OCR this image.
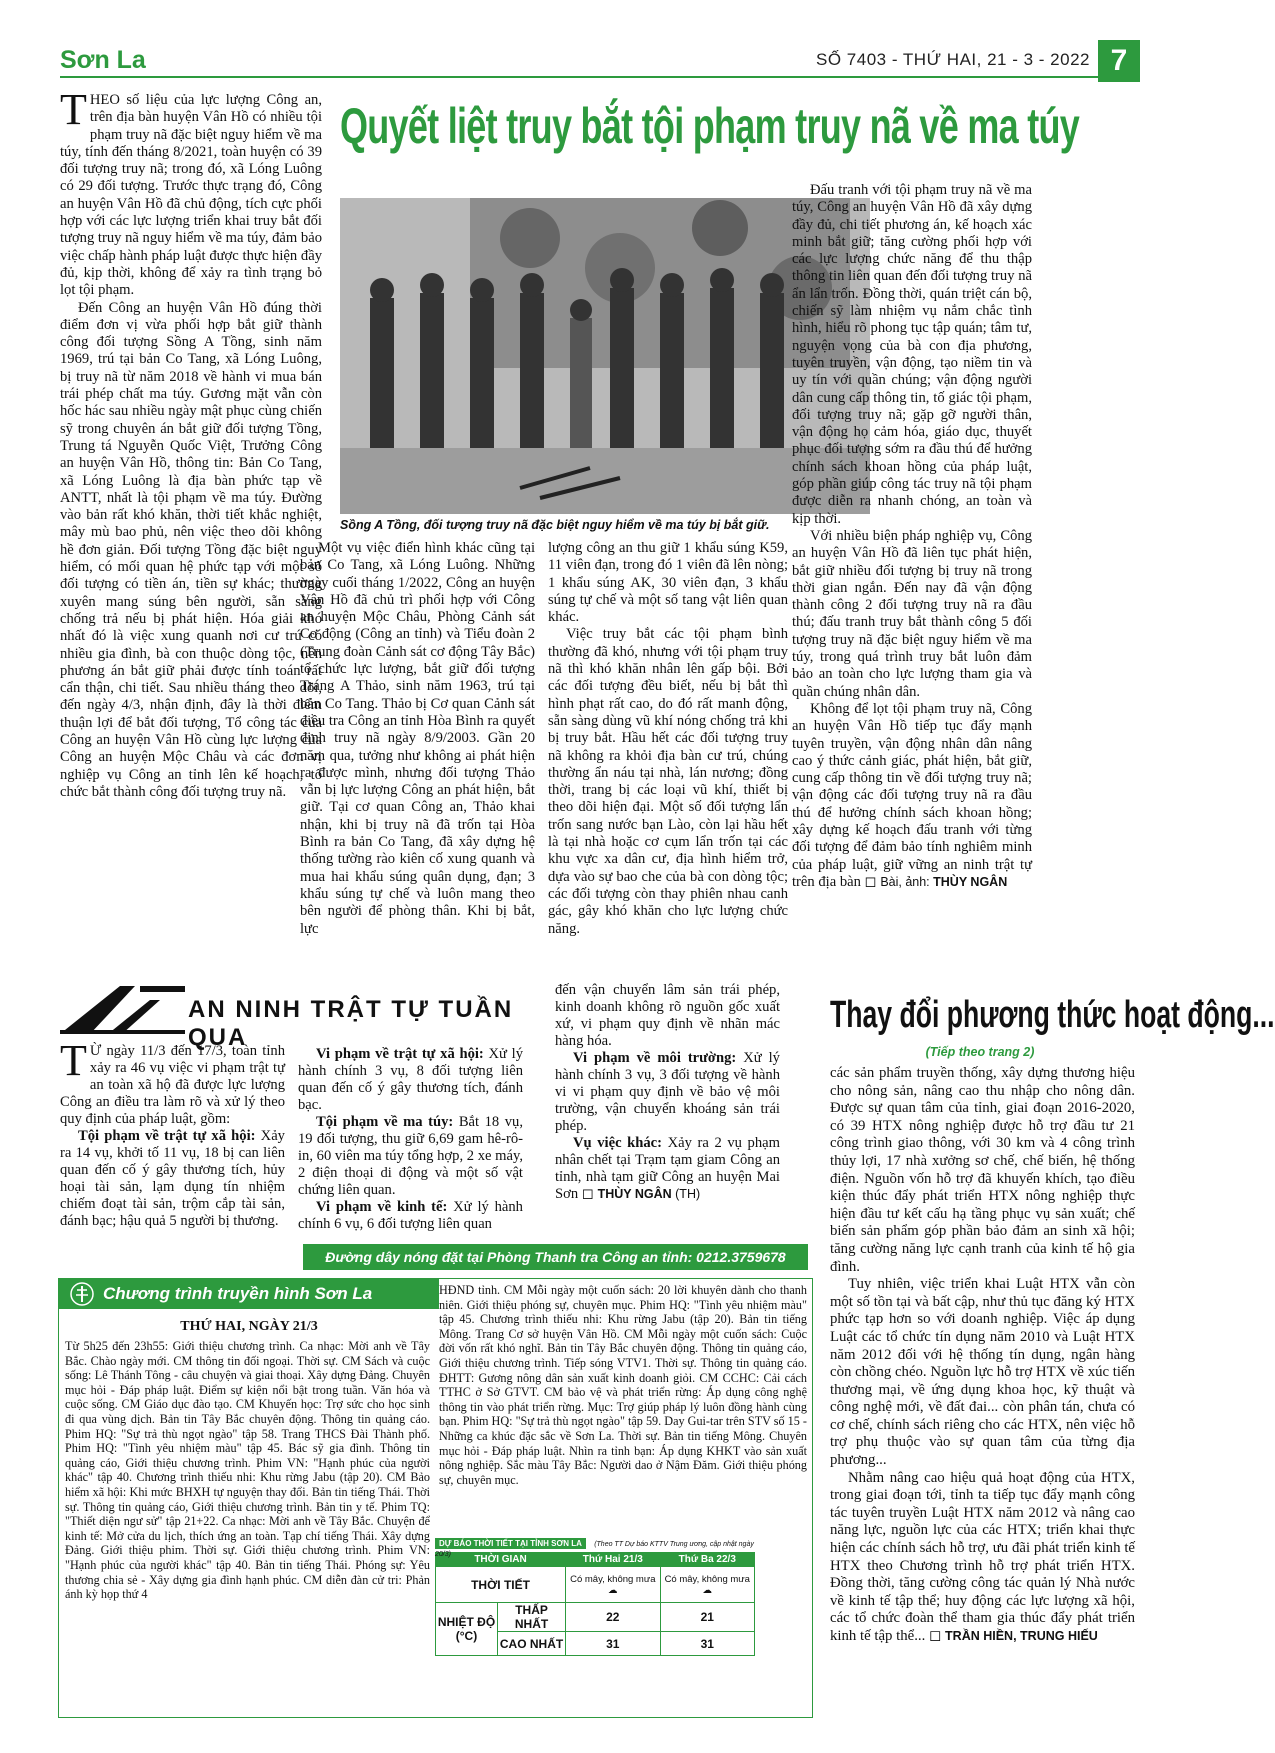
Sơn La	SỐ 7403 - THỨ HAI, 21 - 3 - 2022 7
Quyết liệt truy bắt tội phạm truy nã về ma túy

THEO số liệu của lực lượng Công an, trên địa bàn huyện Vân Hồ có nhiều tội phạm truy nã đặc biệt nguy hiểm về ma túy, tính đến tháng 8/2021, toàn huyện có 39 đối tượng truy nã; trong đó, xã Lóng Luông có 29 đối tượng. Trước thực trạng đó, Công an huyện Vân Hồ đã chủ động, tích cực phối hợp với các lực lượng triển khai truy bắt đối tượng truy nã nguy hiểm về ma túy, đảm bảo việc chấp hành pháp luật được thực hiện đầy đủ, kịp thời, không để xảy ra tình trạng bỏ lọt tội phạm.

Đến Công an huyện Vân Hồ đúng thời điểm đơn vị vừa phối hợp bắt giữ thành công đối tượng Sồng A Tồng, sinh năm 1969, trú tại bản Co Tang, xã Lóng Luông, bị truy nã từ năm 2018 về hành vi mua bán trái phép chất ma túy. Gương mặt vẫn còn hốc hác sau nhiều ngày mật phục cùng chiến sỹ trong chuyên án bắt giữ đối tượng Tồng, Trung tá Nguyễn Quốc Việt, Trưởng Công an huyện Vân Hồ, thông tin: Bản Co Tang, xã Lóng Luông là địa bàn phức tạp về ANTT, nhất là tội phạm về ma túy. Đường vào bản rất khó khăn, thời tiết khắc nghiệt, mây mù bao phủ, nên việc theo dõi không hề đơn giản. Đối tượng Tồng đặc biệt nguy hiểm, có mối quan hệ phức tạp với một số đối tượng có tiền án, tiền sự khác; thường xuyên mang súng bên người, sẵn sàng chống trả nếu bị phát hiện. Hóa giải khó nhất đó là việc xung quanh nơi cư trú có nhiều gia đình, bà con thuộc dòng tộc, nên phương án bắt giữ phải được tính toán rất cẩn thận, chi tiết. Sau nhiều tháng theo dõi, đến ngày 4/3, nhận định, đây là thời điểm thuận lợi để bắt đối tượng, Tổ công tác của Công an huyện Vân Hồ cùng lực lượng của Công an huyện Mộc Châu và các đơn vị nghiệp vụ Công an tỉnh lên kế hoạch, tổ chức bắt thành công đối tượng truy nã.

Sồng A Tồng, đối tượng truy nã đặc biệt nguy hiểm về ma túy bị bắt giữ.

Một vụ việc điển hình khác cũng tại bản Co Tang, xã Lóng Luông. Những ngày cuối tháng 1/2022, Công an huyện Vân Hồ đã chủ trì phối hợp với Công an huyện Mộc Châu, Phòng Cảnh sát Cơ động (Công an tỉnh) và Tiểu đoàn 2 (Trung đoàn Cảnh sát cơ động Tây Bắc) tổ chức lực lượng, bắt giữ đối tượng Tráng A Thảo, sinh năm 1963, trú tại bản Co Tang. Thảo bị Cơ quan Cảnh sát điều tra Công an tỉnh Hòa Bình ra quyết định truy nã ngày 8/9/2003. Gần 20 năm qua, tưởng như không ai phát hiện ra được mình, nhưng đối tượng Thảo vẫn bị lực lượng Công an phát hiện, bắt giữ. Tại cơ quan Công an, Thảo khai nhận, khi bị truy nã đã trốn tại Hòa Bình ra bản Co Tang, đã xây dựng hệ thống tường rào kiên cố xung quanh và mua hai khẩu súng quân dụng, đạn; 3 khẩu súng tự chế và luôn mang theo bên người để phòng thân. Khi bị bắt, lực

lượng công an thu giữ 1 khẩu súng K59, 11 viên đạn, trong đó 1 viên đã lên nòng; 1 khẩu súng AK, 30 viên đạn, 3 khẩu súng tự chế và một số tang vật liên quan khác.

Việc truy bắt các tội phạm bình thường đã khó, nhưng với tội phạm truy nã thì khó khăn nhân lên gấp bội. Bởi các đối tượng đều biết, nếu bị bắt thì hình phạt rất cao, do đó rất manh động, sẵn sàng dùng vũ khí nóng chống trả khi bị truy bắt. Hầu hết các đối tượng truy nã không ra khỏi địa bàn cư trú, chúng thường ẩn náu tại nhà, lán nương; đồng thời, trang bị các loại vũ khí, thiết bị theo dõi hiện đại. Một số đối tượng lẩn trốn sang nước bạn Lào, còn lại hầu hết là tại nhà hoặc cơ cụm lẩn trốn tại các khu vực xa dân cư, địa hình hiểm trở, dựa vào sự bao che của bà con dòng tộc; các đối tượng còn thay phiên nhau canh gác, gây khó khăn cho lực lượng chức năng.

Đấu tranh với tội phạm truy nã về ma túy, Công an huyện Vân Hồ đã xây dựng đầy đủ, chi tiết phương án, kế hoạch xác minh bắt giữ; tăng cường phối hợp với các lực lượng chức năng để thu thập thông tin liên quan đến đối tượng truy nã ẩn lẩn trốn. Đồng thời, quán triệt cán bộ, chiến sỹ làm nhiệm vụ nắm chắc tình hình, hiểu rõ phong tục tập quán; tâm tư, nguyện vọng của bà con địa phương, tuyên truyền, vận động, tạo niềm tin và uy tín với quần chúng; vận động người dân cung cấp thông tin, tố giác tội phạm, đối tượng truy nã; gặp gỡ người thân, vận động họ cảm hóa, giáo dục, thuyết phục đối tượng sớm ra đầu thú để hưởng chính sách khoan hồng của pháp luật, góp phần giúp công tác truy nã tội phạm được diễn ra nhanh chóng, an toàn và kịp thời.

Với nhiều biện pháp nghiệp vụ, Công an huyện Vân Hồ đã liên tục phát hiện, bắt giữ nhiều đối tượng bị truy nã trong thời gian ngắn. Đến nay đã vận động thành công 2 đối tượng truy nã ra đầu thú; đấu tranh truy bắt thành công 5 đối tượng truy nã đặc biệt nguy hiểm về ma túy, trong quá trình truy bắt luôn đảm bảo an toàn cho lực lượng tham gia và quần chúng nhân dân.

Không để lọt tội phạm truy nã, Công an huyện Vân Hồ tiếp tục đẩy mạnh tuyên truyền, vận động nhân dân nâng cao ý thức cảnh giác, phát hiện, bắt giữ, cung cấp thông tin về đối tượng truy nã; vận động các đối tượng truy nã ra đầu thú để hưởng chính sách khoan hồng; xây dựng kế hoạch đấu tranh với từng đối tượng để đảm bảo tính nghiêm minh của pháp luật, giữ vững an ninh trật tự trên địa bàn ◻ Bài, ảnh: THÙY NGÂN

AN NINH TRẬT TỰ TUẦN QUA

T Ừ ngày 11/3 đến 17/3, toàn tỉnh xảy ra 46 vụ việc vi phạm trật tự an toàn xã hộ đã được lực lượng Công an điều tra làm rõ và xử lý theo quy định của pháp luật, gồm:

Tội phạm về trật tự xã hội: Xảy ra 14 vụ, khởi tố 11 vụ, 18 bị can liên quan đến cố ý gây thương tích, hủy hoại tài sản, lạm dụng tín nhiệm chiếm đoạt tài sản, trộm cắp tài sản, đánh bạc; hậu quả 5 người bị thương.

Vi phạm về trật tự xã hội: Xử lý hành chính 3 vụ, 8 đối tượng liên quan đến cố ý gây thương tích, đánh bạc.

Tội phạm về ma túy: Bắt 18 vụ, 19 đối tượng, thu giữ 6,69 gam hê-rô-in, 60 viên ma túy tổng hợp, 2 xe máy, 2 điện thoại di động và một số vật chứng liên quan.

Vi phạm về kinh tế: Xử lý hành chính 6 vụ, 6 đối tượng liên quan

đến vận chuyển lâm sản trái phép, kinh doanh không rõ nguồn gốc xuất xứ, vi phạm quy định về nhãn mác hàng hóa.

Vi phạm về môi trường: Xử lý hành chính 3 vụ, 3 đối tượng về hành vi vi phạm quy định về bảo vệ môi trường, vận chuyển khoáng sản trái phép.

Vụ việc khác: Xảy ra 2 vụ phạm nhân chết tại Trạm tạm giam Công an tỉnh, nhà tạm giữ Công an huyện Mai Sơn ◻ THÙY NGÂN (TH)

Đường dây nóng đặt tại Phòng Thanh tra Công an tỉnh: 0212.3759678
Chương trình truyền hình Sơn La
THỨ HAI, NGÀY 21/3
Từ 5h25 đến 23h55: Giới thiệu chương trình. Ca nhạc: Mời anh về Tây Bắc. Chào ngày mới. CM thông tin đối ngoại. Thời sự. CM Sách và cuộc sống: Lê Thánh Tông - câu chuyện và giai thoại. Xây dựng Đảng. Chuyên mục hỏi - Đáp pháp luật. Điểm sự kiện nổi bật trong tuần. Văn hóa và cuộc sống. CM Giáo dục đào tạo. CM Khuyến học: Trợ sức cho học sinh đi qua vùng dịch. Bản tin Tây Bắc chuyên động. Thông tin quảng cáo. Phim HQ: "Sự trả thù ngọt ngào" tập 58. Trang THCS Đài Thành phố. Phim HQ: "Tình yêu nhiệm màu" tập 45. Bác sỹ gia đình. Thông tin quảng cáo, Giới thiệu chương trình. Phim VN: "Hạnh phúc của người khác" tập 40. Chương trình thiếu nhi: Khu rừng Jabu (tập 20). CM Bảo hiểm xã hội: Khi mức BHXH tự nguyện thay đổi. Bản tin tiếng Thái. Thời sự. Thông tin quảng cáo, Giới thiệu chương trình. Bản tin y tế. Phim TQ: "Thiết diện ngư sử" tập 21+22. Ca nhạc: Mời anh về Tây Bắc. Chuyện để kinh tế: Mở cửa du lịch, thích ứng an toàn. Tạp chí tiếng Thái. Xây dựng Đảng. Giới thiệu phim. Thời sự. Giới thiệu chương trình. Phim VN: "Hạnh phúc của người khác" tập 40. Bản tin tiếng Thái. Phóng sự: Yêu thương chia sẻ - Xây dựng gia đình hạnh phúc. CM diễn đàn cử tri: Phản ánh kỳ họp thứ 4
HĐND tỉnh. CM Mỗi ngày một cuốn sách: 20 lời khuyên dành cho thanh niên. Giới thiệu phóng sự, chuyên mục. Phim HQ: "Tình yêu nhiệm màu" tập 45. Chương trình thiếu nhi: Khu rừng Jabu (tập 20). Bản tin tiếng Mông. Trang Cơ sở huyện Vân Hồ. CM Mỗi ngày một cuốn sách: Cuộc đời vốn rất khó nghĩ. Bản tin Tây Bắc chuyên động. Thông tin quảng cáo, Giới thiệu chương trình. Tiếp sóng VTV1. Thời sự. Thông tin quảng cáo. ĐHTT: Gương nông dân sản xuất kinh doanh giỏi. CM CCHC: Cải cách TTHC ở Sở GTVT. CM bảo vệ và phát triển rừng: Áp dụng công nghệ thông tin vào phát triển rừng. Mục: Trợ giúp pháp lý luôn đồng hành cùng bạn. Phim HQ: "Sự trả thù ngọt ngào" tập 59. Day Gui-tar trên STV số 15 - Những ca khúc đặc sắc về Sơn La. Thời sự. Bản tin tiếng Mông. Chuyên mục hỏi - Đáp pháp luật. Nhìn ra tỉnh bạn: Áp dụng KHKT vào sản xuất nông nghiệp. Sắc màu Tây Bắc: Người dao ở Nậm Đăm. Giới thiệu phóng sự, chuyên mục.
DỰ BÁO THỜI TIẾT TẠI TỈNH SƠN LA (Theo TT Dự báo KTTV Trung ương, cập nhật ngày 20/3)	THỜI GIAN		Thứ Hai 21/3	Thứ Ba 22/3
THỜI TIẾT		Có mây, không mưa ☁	Có mây, không mưa ☁
NHIỆT ĐỘ (°C)	THẤP NHẤT	22	21
	CAO NHẤT	31	31
Thay đổi phương thức hoạt động...
(Tiếp theo trang 2)

các sản phẩm truyền thống, xây dựng thương hiệu cho nông sản, nâng cao thu nhập cho nông dân. Được sự quan tâm của tỉnh, giai đoạn 2016-2020, có 39 HTX nông nghiệp được hỗ trợ đầu tư 21 công trình giao thông, với 30 km và 4 công trình thủy lợi, 17 nhà xưởng sơ chế, chế biến, hệ thống điện. Nguồn vốn hỗ trợ đã khuyến khích, tạo điều kiện thúc đẩy phát triển HTX nông nghiệp thực hiện đầu tư kết cấu hạ tầng phục vụ sản xuất; chế biến sản phẩm góp phần bảo đảm an sinh xã hội; tăng cường năng lực cạnh tranh của kinh tế hộ gia đình.

Tuy nhiên, việc triển khai Luật HTX vẫn còn một số tồn tại và bất cập, như thủ tục đăng ký HTX phức tạp hơn so với doanh nghiệp. Việc áp dụng Luật các tổ chức tín dụng năm 2010 và Luật HTX năm 2012 đối với hệ thống tín dụng, ngân hàng còn chồng chéo. Nguồn lực hỗ trợ HTX về xúc tiến thương mại, về ứng dụng khoa học, kỹ thuật và công nghệ mới, về đất đai... còn phân tán, chưa có cơ chế, chính sách riêng cho các HTX, nên việc hỗ trợ phụ thuộc vào sự quan tâm của từng địa phương...

Nhằm nâng cao hiệu quả hoạt động của HTX, trong giai đoạn tới, tỉnh ta tiếp tục đẩy mạnh công tác tuyên truyền Luật HTX năm 2012 và nâng cao năng lực, nguồn lực của các HTX; triển khai thực hiện các chính sách hỗ trợ, ưu đãi phát triển kinh tế HTX theo Chương trình hỗ trợ phát triển HTX. Đồng thời, tăng cường công tác quản lý Nhà nước về kinh tế tập thể; huy động các lực lượng xã hội, các tổ chức đoàn thể tham gia thúc đẩy phát triển kinh tế tập thể... ◻ TRẦN HIỀN, TRUNG HIẾU
